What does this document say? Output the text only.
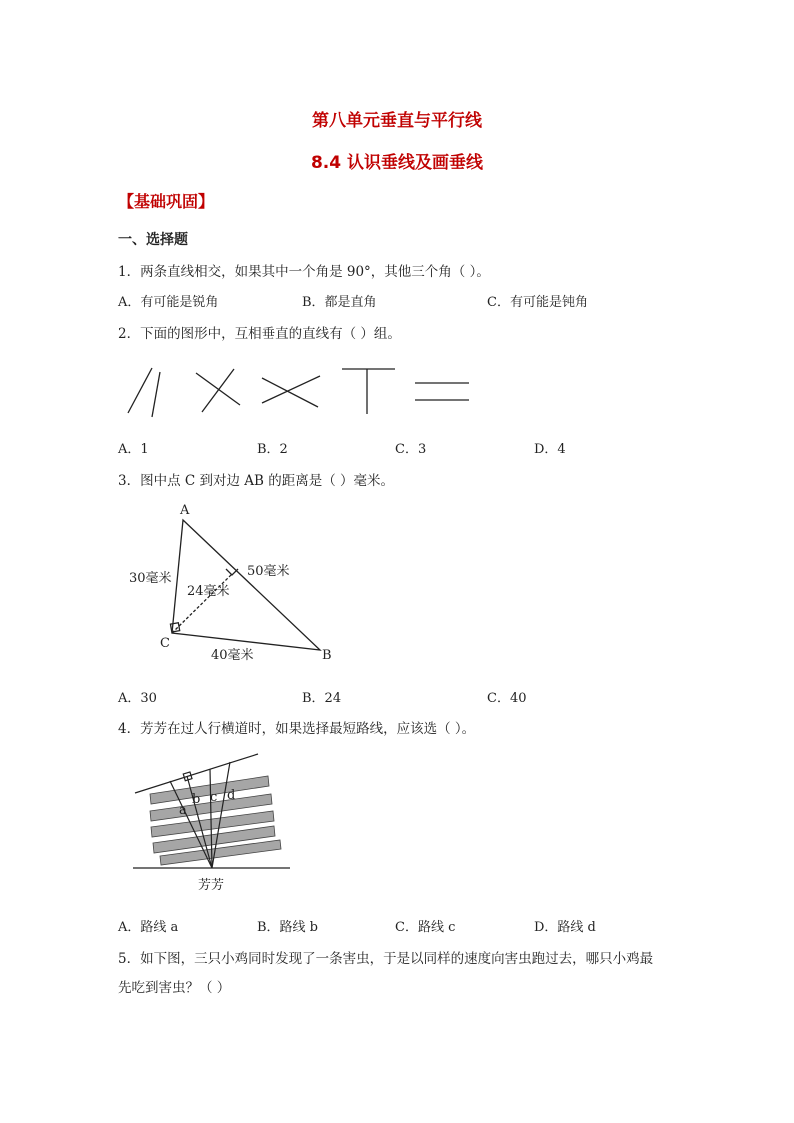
第八单元垂直与平行线
8.4 认识垂线及画垂线
【基础巩固】
一、选择题
1．两条直线相交，如果其中一个角是 90°，其他三个角（ ）。
A．有可能是锐角	B．都是直角	C．有可能是钝角
2．下面的图形中，互相垂直的直线有（ ）组。
A．1	B．2	C．3	D．4
3．图中点 C 到对边 AB 的距离是（ ）毫米。
A
B
C
30毫米	50毫米
24毫米
40毫米
A．30	B．24	C．40
4．芳芳在过人行横道时，如果选择最短路线，应该选（ ）。
a
b c d
芳芳
A．路线 a	B．路线 b	C．路线 c	D．路线 d
5．如下图，三只小鸡同时发现了一条害虫，于是以同样的速度向害虫跑过去，哪只小鸡最
先吃到害虫？（ ）
